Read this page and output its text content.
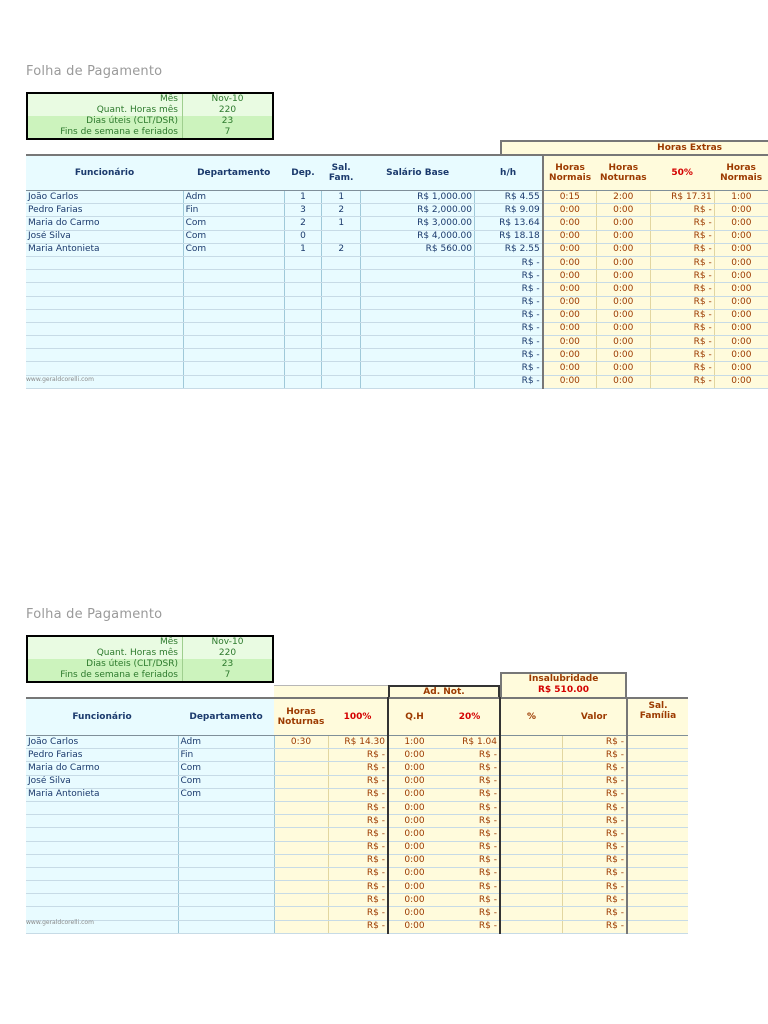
Folha de Pagamento
Mês	Nov-10
Quant. Horas mês	220
Dias úteis (CLT/DSR)	23
Fins de semana e feriados	7
Horas Extras
Funcionário	Departamento	Dep.	Sal. Fam.	Salário Base	h/h	Horas Normais	Horas Noturnas	50%	Horas Normais
João Carlos	Adm	1	1	R$ 1,000.00	R$ 4.55	0:15	2:00	R$ 17.31	1:00
Pedro Farias	Fin	3	2	R$ 2,000.00	R$ 9.09	0:00	0:00	R$ -	0:00
Maria do Carmo	Com	2	1	R$ 3,000.00	R$ 13.64	0:00	0:00	R$ -	0:00
José Silva	Com	0		R$ 4,000.00	R$ 18.18	0:00	0:00	R$ -	0:00
Maria Antonieta	Com	1	2	R$ 560.00	R$ 2.55	0:00	0:00	R$ -	0:00
					R$ -	0:00	0:00	R$ -	0:00
					R$ -	0:00	0:00	R$ -	0:00
					R$ -	0:00	0:00	R$ -	0:00
					R$ -	0:00	0:00	R$ -	0:00
					R$ -	0:00	0:00	R$ -	0:00
					R$ -	0:00	0:00	R$ -	0:00
					R$ -	0:00	0:00	R$ -	0:00
					R$ -	0:00	0:00	R$ -	0:00
					R$ -	0:00	0:00	R$ -	0:00
					R$ -	0:00	0:00	R$ -	0:00
www.geraldcorelli.com
Folha de Pagamento
Mês	Nov-10
Quant. Horas mês	220
Dias úteis (CLT/DSR)	23
Fins de semana e feriados	7
Ad. Not.
Insalubridade
R$ 510.00
Funcionário	Departamento	Horas Noturnas	100%	Q.H	20%	%	Valor	Sal. Família
João Carlos	Adm	0:30	R$ 14.30	1:00	R$ 1.04		R$ -	
Pedro Farias	Fin		R$ -	0:00	R$ -		R$ -	
Maria do Carmo	Com		R$ -	0:00	R$ -		R$ -	
José Silva	Com		R$ -	0:00	R$ -		R$ -	
Maria Antonieta	Com		R$ -	0:00	R$ -		R$ -	
			R$ -	0:00	R$ -		R$ -	
			R$ -	0:00	R$ -		R$ -	
			R$ -	0:00	R$ -		R$ -	
			R$ -	0:00	R$ -		R$ -	
			R$ -	0:00	R$ -		R$ -	
			R$ -	0:00	R$ -		R$ -	
			R$ -	0:00	R$ -		R$ -	
			R$ -	0:00	R$ -		R$ -	
			R$ -	0:00	R$ -		R$ -	
			R$ -	0:00	R$ -		R$ -	
www.geraldcorelli.com
